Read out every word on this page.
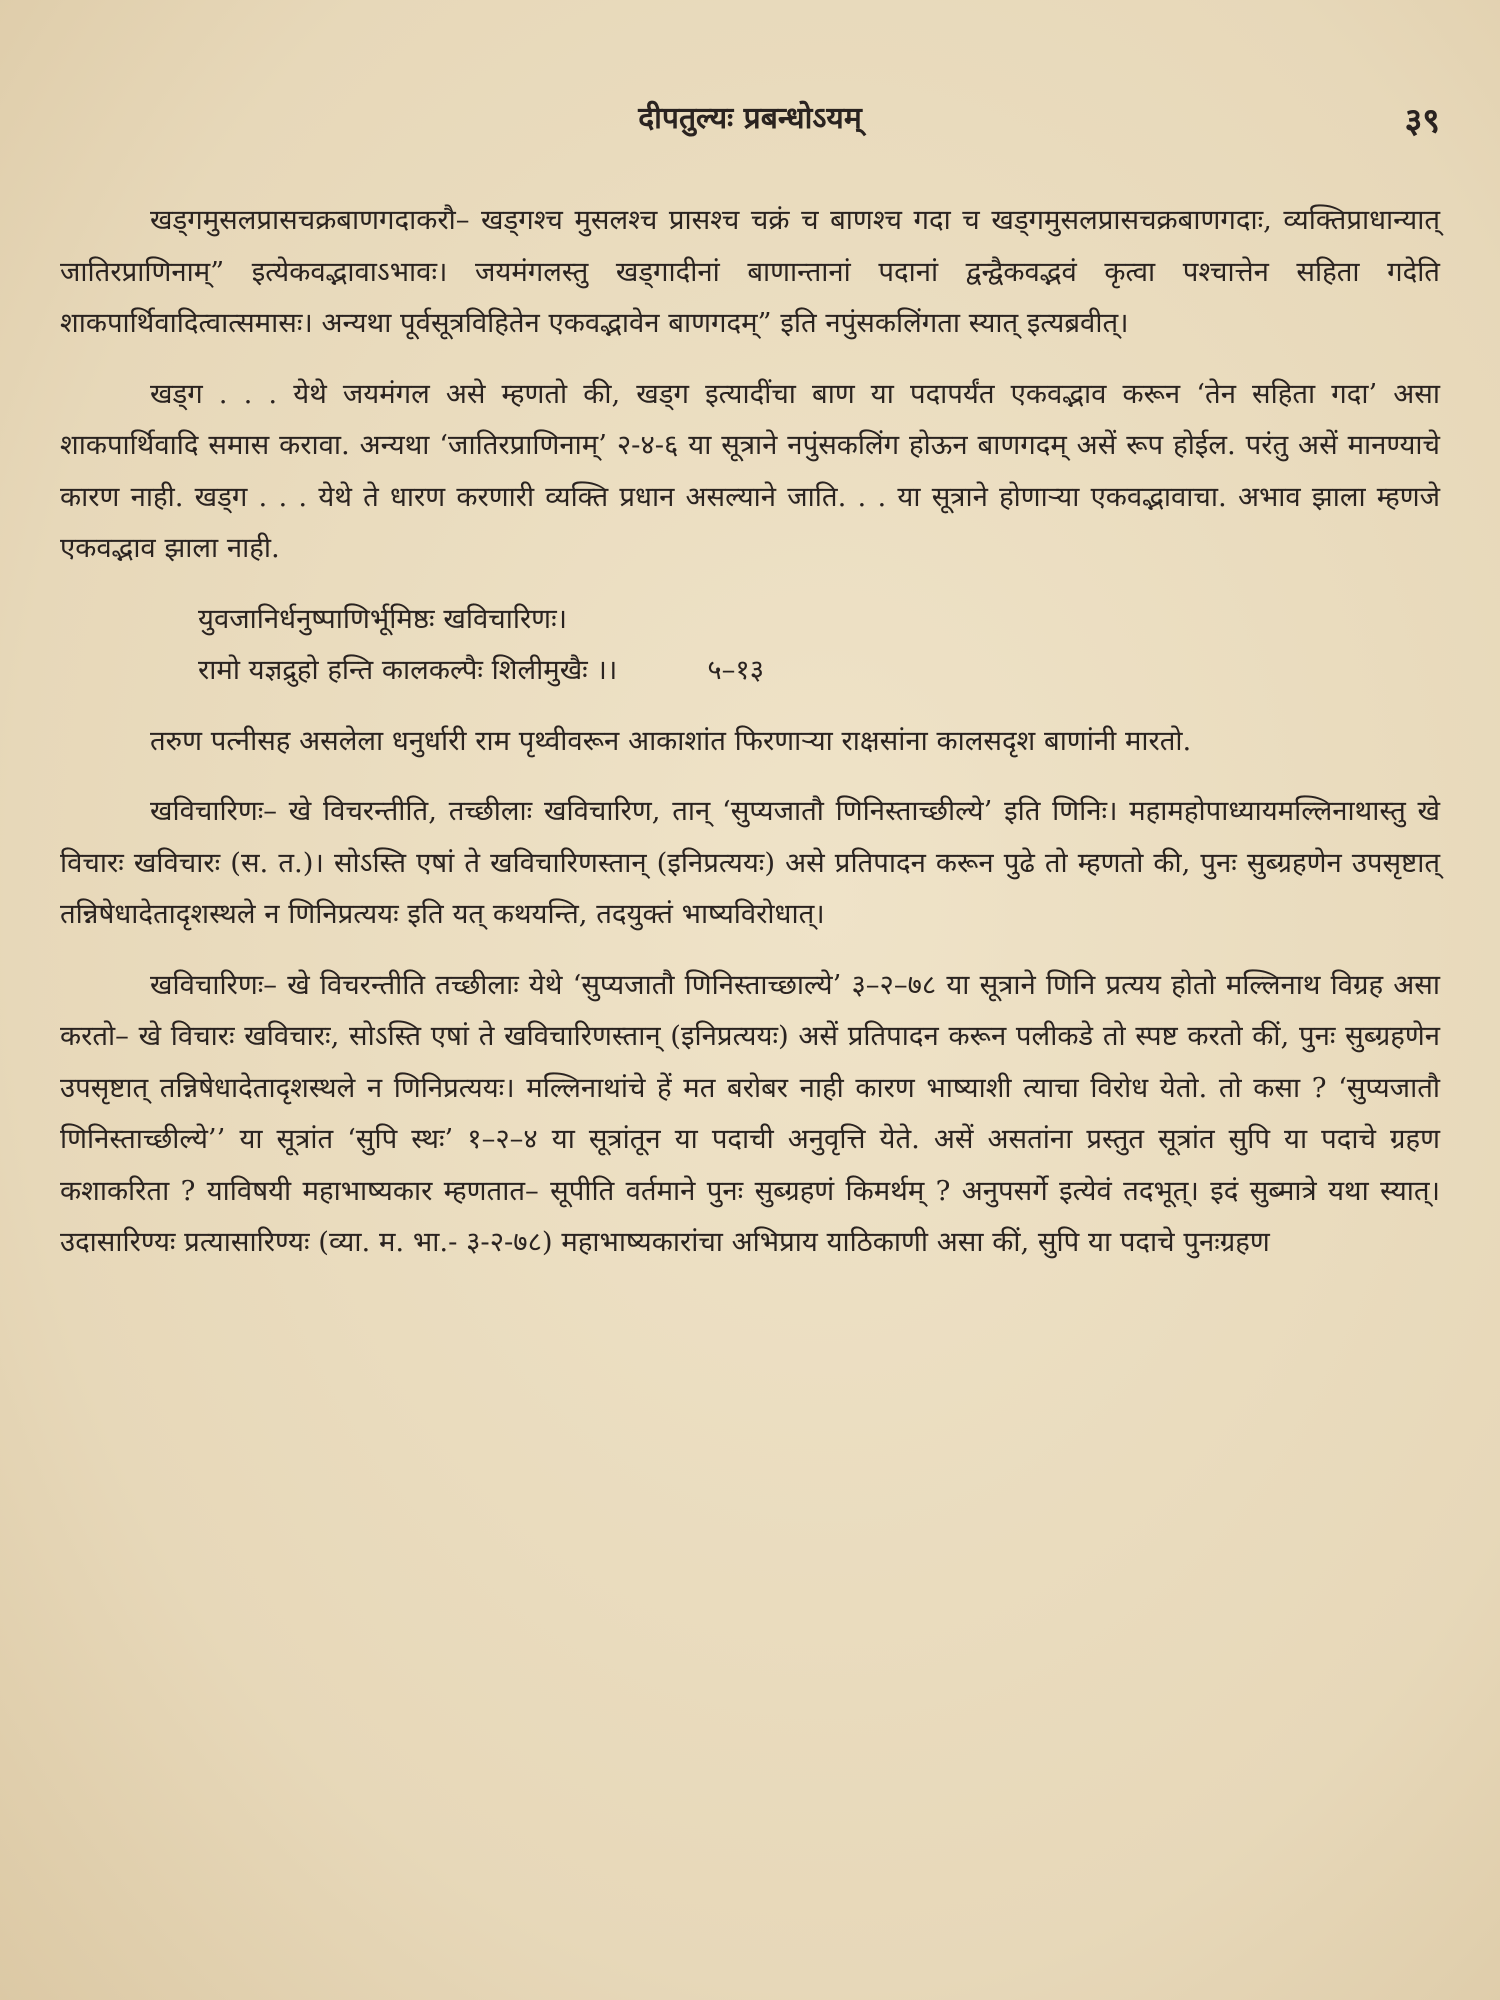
दीपतुल्यः प्रबन्धोऽयम्	३९

खड्गमुसलप्रासचक्रबाणगदाकरौ– खड्गश्च मुसलश्च प्रासश्च चक्रं च बाणश्च गदा च खड्गमुसलप्रासचक्रबाणगदाः, व्यक्तिप्राधान्यात् जातिरप्राणिनाम्” इत्येकवद्भावाऽभावः। जयमंगलस्तु खड्गादीनां बाणान्तानां पदानां द्वन्द्वैकवद्भवं कृत्वा पश्चात्तेन सहिता गदेति शाकपार्थिवादित्वात्समासः। अन्यथा पूर्वसूत्रविहितेन एकवद्भावेन बाणगदम्” इति नपुंसकलिंगता स्यात् इत्यब्रवीत्।

खड्ग . . . येथे जयमंगल असे म्हणतो की, खड्ग इत्यादींचा बाण या पदापर्यंत एकवद्भाव करून ‘तेन सहिता गदा’ असा शाकपार्थिवादि समास करावा. अन्यथा ‘जातिरप्राणिनाम्’ २-४-६ या सूत्राने नपुंसकलिंग होऊन बाणगदम् असें रूप होईल. परंतु असें मानण्याचे कारण नाही. खड्ग . . . येथे ते धारण करणारी व्यक्ति प्रधान असल्याने जाति. . . या सूत्राने होणाऱ्या एकवद्भावाचा. अभाव झाला म्हणजे एकवद्भाव झाला नाही.

युवजानिर्धनुष्पाणिर्भूमिष्ठः खविचारिणः।
रामो यज्ञद्रुहो हन्ति कालकल्पैः शिलीमुखैः ।।	५–१३

तरुण पत्नीसह असलेला धनुर्धारी राम पृथ्वीवरून आकाशांत फिरणाऱ्या राक्षसांना कालसदृश बाणांनी मारतो.

खविचारिणः– खे विचरन्तीति, तच्छीलाः खविचारिण, तान् ‘सुप्यजातौ णिनिस्ताच्छील्ये’ इति णिनिः। महामहोपाध्यायमल्लिनाथास्तु खे विचारः खविचारः (स. त.)। सोऽस्ति एषां ते खविचारिणस्तान् (इनिप्रत्ययः) असे प्रतिपादन करून पुढे तो म्हणतो की, पुनः सुब्ग्रहणेन उपसृष्टात् तन्निषेधादेतादृशस्थले न णिनिप्रत्ययः इति यत् कथयन्ति, तदयुक्तं भाष्यविरोधात्।

खविचारिणः– खे विचरन्तीति तच्छीलाः येथे ‘सुप्यजातौ णिनिस्ताच्छाल्ये’ ३–२–७८ या सूत्राने णिनि प्रत्यय होतो मल्लिनाथ विग्रह असा करतो– खे विचारः खविचारः, सोऽस्ति एषां ते खविचारिणस्तान् (इनिप्रत्ययः) असें प्रतिपादन करून पलीकडे तो स्पष्ट करतो कीं, पुनः सुब्ग्रहणेन उपसृष्टात् तन्निषेधादेतादृशस्थले न णिनिप्रत्ययः। मल्लिनाथांचे हें मत बरोबर नाही कारण भाष्याशी त्याचा विरोध येतो. तो कसा ? ‘सुप्यजातौ णिनिस्ताच्छील्ये’’ या सूत्रांत ‘सुपि स्थः’ १–२–४ या सूत्रांतून या पदाची अनुवृत्ति येते. असें असतांना प्रस्तुत सूत्रांत सुपि या पदाचे ग्रहण कशाकरिता ? याविषयी महाभाष्यकार म्हणतात– सूपीति वर्तमाने पुनः सुब्ग्रहणं किमर्थम् ? अनुपसर्गे इत्येवं तदभूत्। इदं सुब्मात्रे यथा स्यात्। उदासारिण्यः प्रत्यासारिण्यः (व्या. म. भा.- ३-२-७८) महाभाष्यकारांचा अभिप्राय याठिकाणी असा कीं, सुपि या पदाचे पुनःग्रहण
